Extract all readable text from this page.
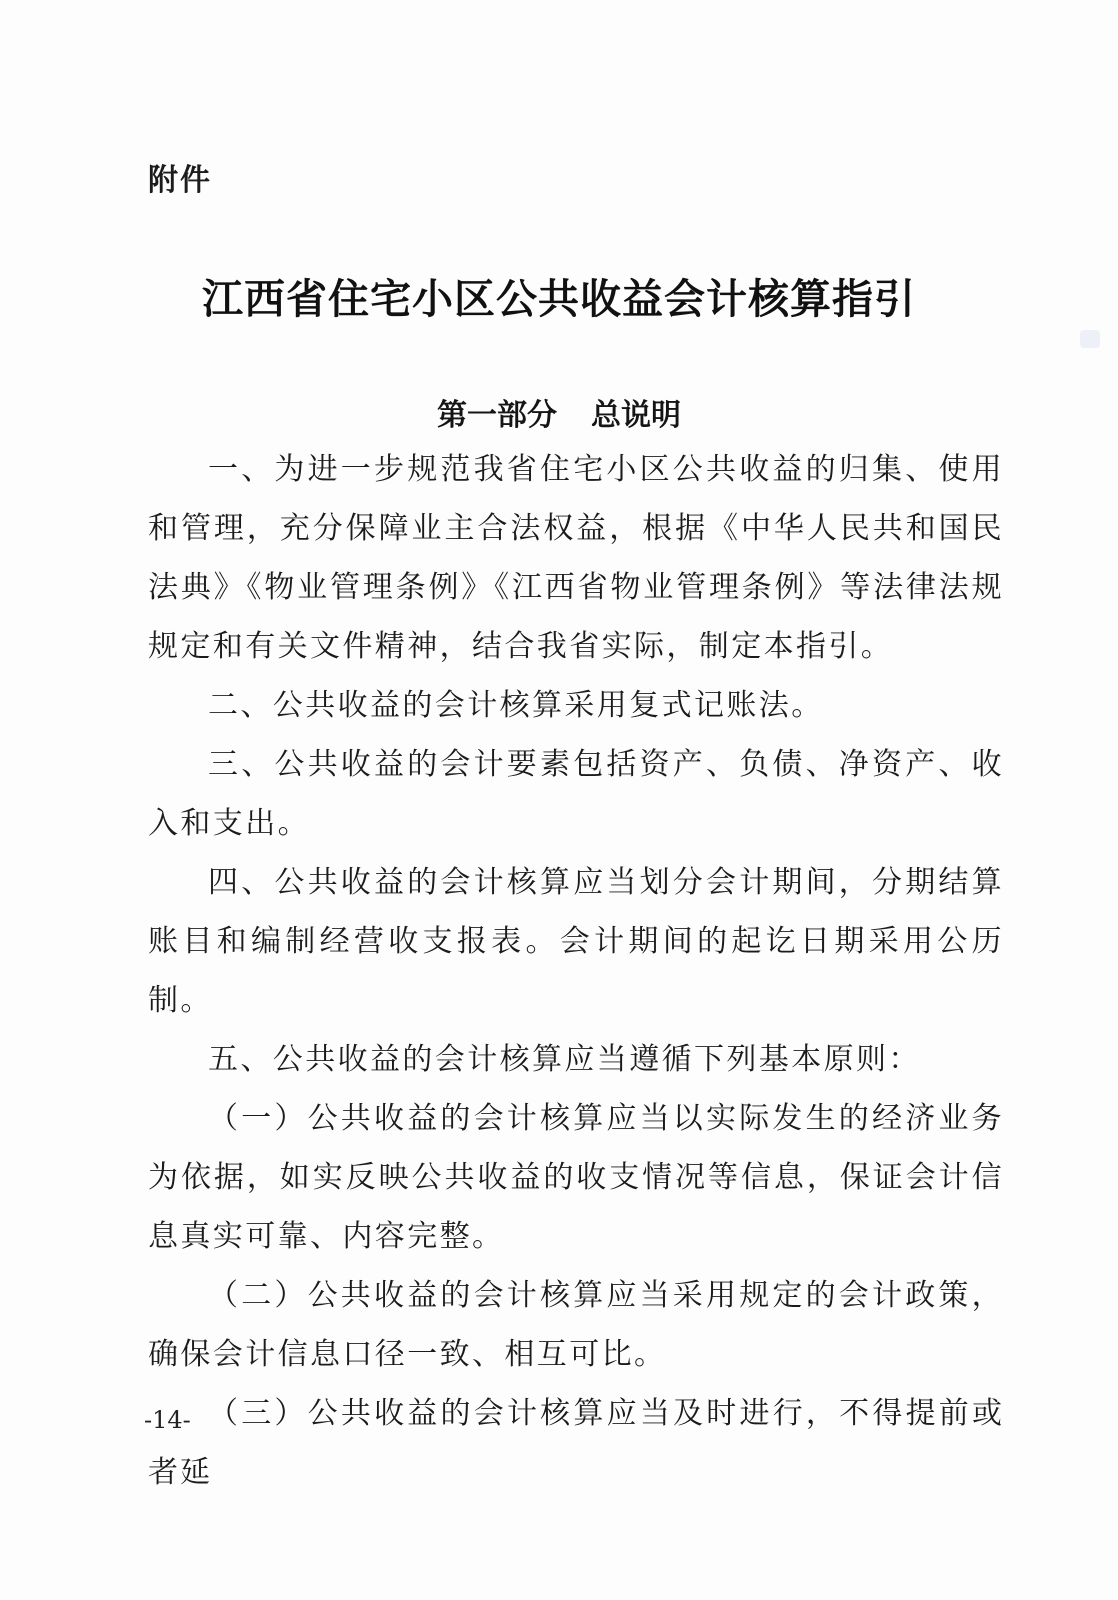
附件
江西省住宅小区公共收益会计核算指引
第一部分 总说明

一、为进一步规范我省住宅小区公共收益的归集、使用和管理，充分保障业主合法权益，根据《中华人民共和国民法典》《物业管理条例》《江西省物业管理条例》等法律法规规定和有关文件精神，结合我省实际，制定本指引。

二、公共收益的会计核算采用复式记账法。

三、公共收益的会计要素包括资产、负债、净资产、收入和支出。

四、公共收益的会计核算应当划分会计期间，分期结算账目和编制经营收支报表。会计期间的起讫日期采用公历制。

五、公共收益的会计核算应当遵循下列基本原则：

（一）公共收益的会计核算应当以实际发生的经济业务为依据，如实反映公共收益的收支情况等信息，保证会计信息真实可靠、内容完整。

（二）公共收益的会计核算应当采用规定的会计政策，确保会计信息口径一致、相互可比。

（三）公共收益的会计核算应当及时进行，不得提前或者延

-14-
